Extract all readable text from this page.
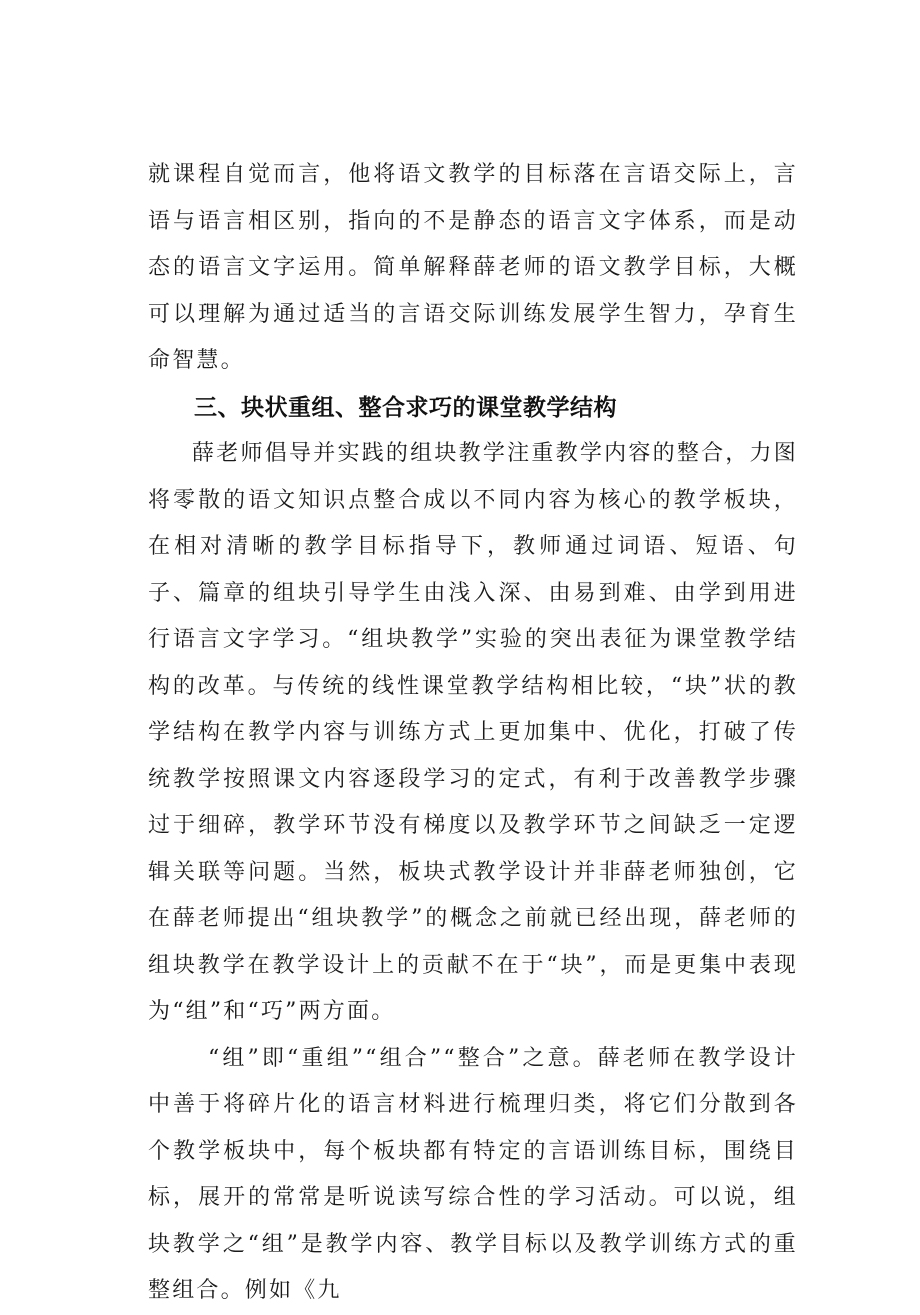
就课程自觉而言，他将语文教学的目标落在言语交际上，言语与语言相区别，指向的不是静态的语言文字体系，而是动态的语言文字运用。简单解释薛老师的语文教学目标，大概可以理解为通过适当的言语交际训练发展学生智力，孕育生命智慧。

三、块状重组、整合求巧的课堂教学结构

薛老师倡导并实践的组块教学注重教学内容的整合，力图将零散的语文知识点整合成以不同内容为核心的教学板块，在相对清晰的教学目标指导下，教师通过词语、短语、句子、篇章的组块引导学生由浅入深、由易到难、由学到用进行语言文字学习。“组块教学”实验的突出表征为课堂教学结构的改革。与传统的线性课堂教学结构相比较，“块”状的教学结构在教学内容与训练方式上更加集中、优化，打破了传统教学按照课文内容逐段学习的定式，有利于改善教学步骤过于细碎，教学环节没有梯度以及教学环节之间缺乏一定逻辑关联等问题。当然，板块式教学设计并非薛老师独创，它在薛老师提出“组块教学”的概念之前就已经出现，薛老师的组块教学在教学设计上的贡献不在于“块”，而是更集中表现为“组”和“巧”两方面。

“组”即“重组”“组合”“整合”之意。薛老师在教学设计中善于将碎片化的语言材料进行梳理归类，将它们分散到各个教学板块中，每个板块都有特定的言语训练目标，围绕目标，展开的常常是听说读写综合性的学习活动。可以说，组块教学之“组”是教学内容、教学目标以及教学训练方式的重整组合。例如《九
